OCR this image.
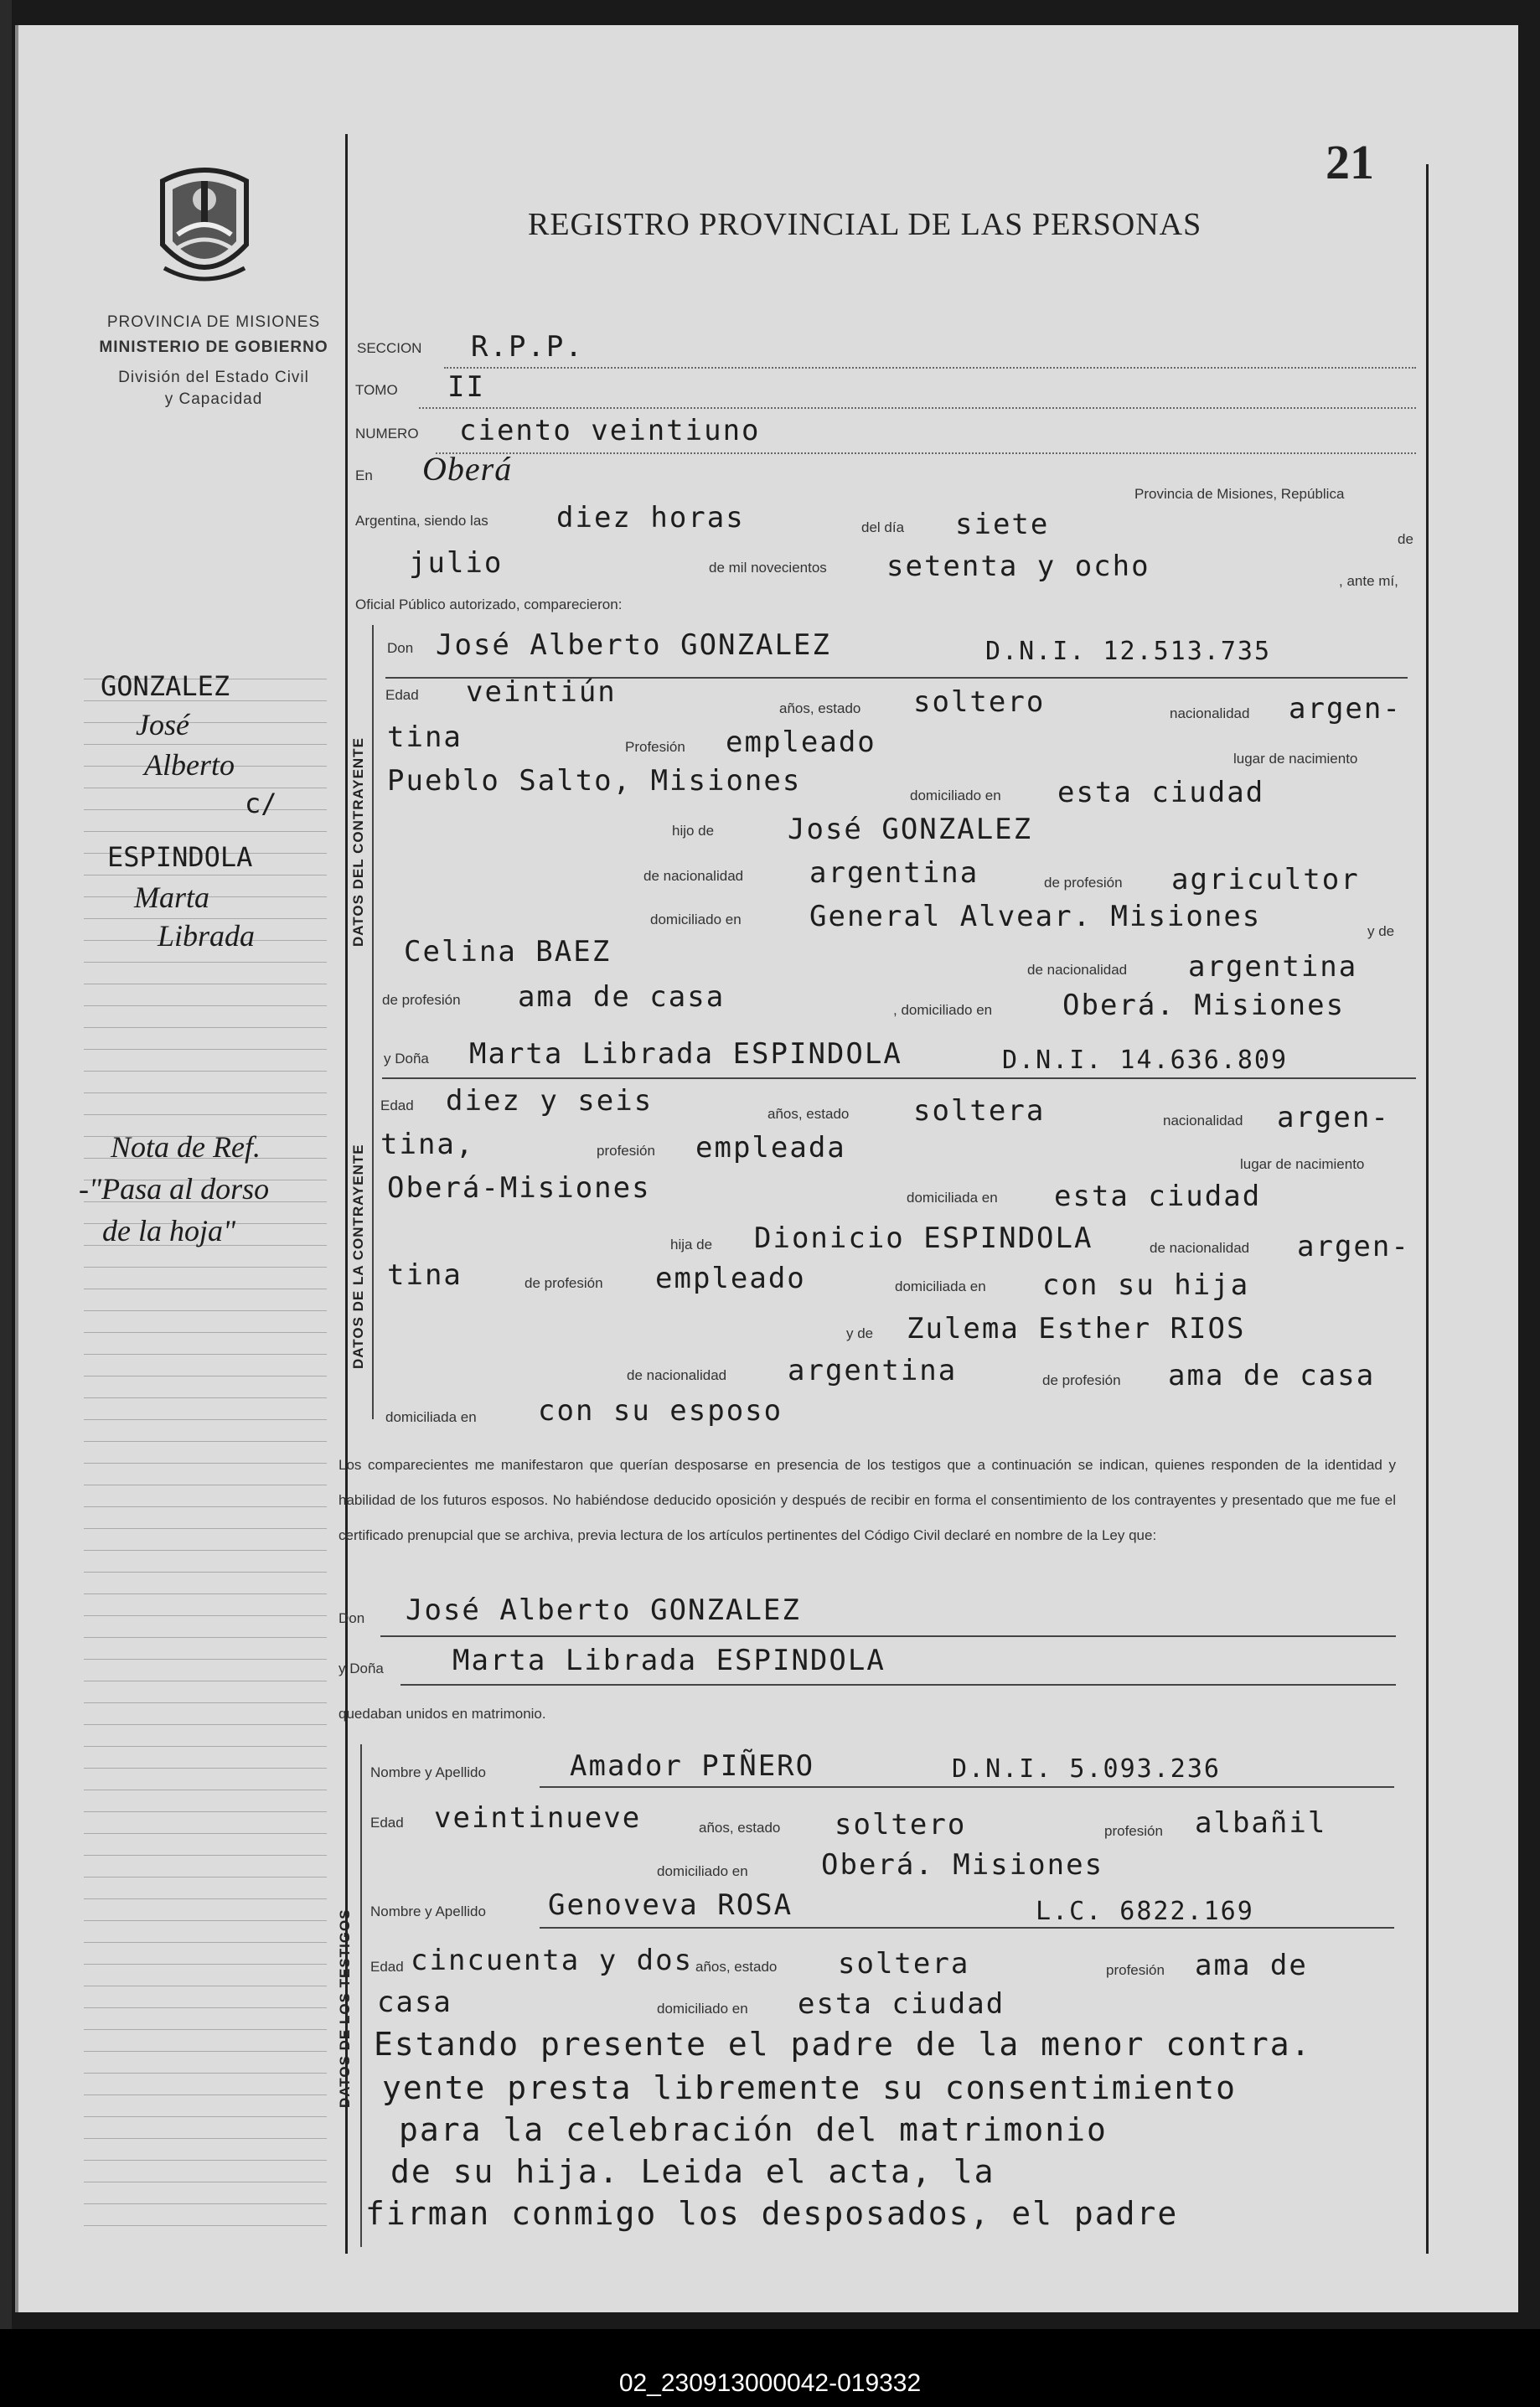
21
PROVINCIA DE MISIONES
MINISTERIO DE GOBIERNO
División del Estado Civil
y Capacidad
REGISTRO PROVINCIAL DE LAS PERSONAS
SECCION R.P.P.
TOMO II
NUMERO ciento veintiuno
En Oberá
Provincia de Misiones, República
Argentina, siendo las diez horas	del día siete	de
julio	de mil novecientos setenta y ocho	, ante mí,
Oficial Público autorizado, comparecieron:
DATOS DEL CONTRAYENTE
Don José Alberto GONZALEZ	D.N.I. 12.513.735
Edad veintiún	años, estado soltero	nacionalidad argen-
tina	Profesión empleado	lugar de nacimiento
Pueblo Salto, Misiones	domiciliado en esta ciudad
hijo de	José GONZALEZ
de nacionalidad argentina	de profesión agricultor
domiciliado en General Alvear. Misiones	y de
Celina BAEZ
de nacionalidad argentina
de profesión ama de casa	, domiciliado en Oberá. Misiones
DATOS DE LA CONTRAYENTE
y Doña Marta Librada ESPINDOLA	D.N.I. 14.636.809
Edad diez y seis	años, estado soltera	nacionalidad argen-
tina,	profesión empleada	lugar de nacimiento
Oberá-Misiones	domiciliada en esta ciudad
hija de Dionicio ESPINDOLA	de nacionalidad argen-
tina	de profesión empleado	domiciliada en con su hija
y de Zulema Esther RIOS
de nacionalidad argentina	de profesión ama de casa
domiciliada en con su esposo
Los comparecientes me manifestaron que querían desposarse en presencia de los testigos que a continuación se indican, quienes responden de la identidad y habilidad de los futuros esposos. No habiéndose deducido oposición y después de recibir en forma el consentimiento de los contrayentes y presentado que me fue el certificado prenupcial que se archiva, previa lectura de los artículos pertinentes del Código Civil declaré en nombre de la Ley que:
Don José Alberto GONZALEZ
y Doña Marta Librada ESPINDOLA
quedaban unidos en matrimonio.
DATOS DE LOS TESTIGOS
Nombre y Apellido	Amador PIÑERO	D.N.I. 5.093.236
Edad veintinueve	años, estado soltero	profesión albañil
domiciliado en	Oberá. Misiones
Nombre y Apellido Genoveva ROSA	L.C. 6822.169
Edad cincuenta y dos años, estado soltera	profesión ama de
casa	domiciliado en esta ciudad
Estando presente el padre de la menor contra.
yente presta libremente su consentimiento
para la celebración del matrimonio
de su hija. Leida el acta, la
firman conmigo los desposados, el padre
GONZALEZ
José
Alberto
c/
ESPINDOLA
Marta
Librada
Nota de Ref.
-"Pasa al dorso
de la hoja"
02_230913000042-019332
